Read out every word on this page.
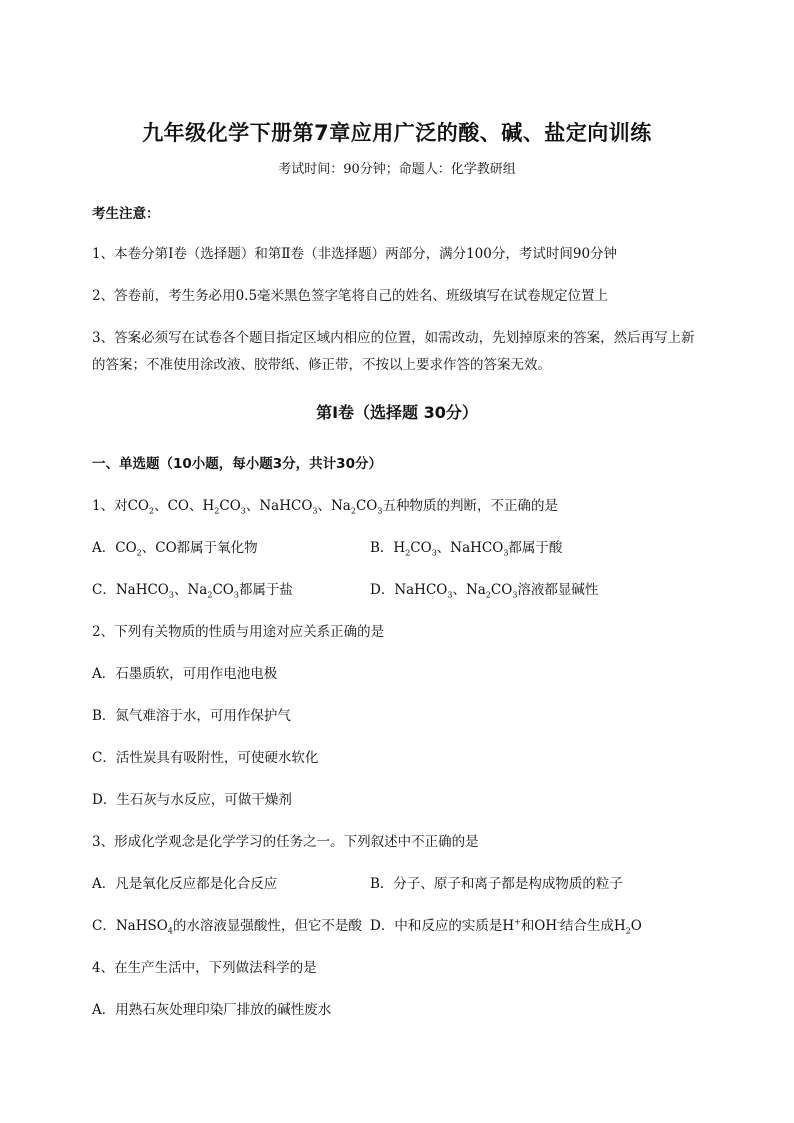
九年级化学下册第7章应用广泛的酸、碱、盐定向训练
考试时间：90分钟；命题人：化学教研组
考生注意：
1、本卷分第I卷（选择题）和第Ⅱ卷（非选择题）两部分，满分100分，考试时间90分钟
2、答卷前，考生务必用0.5毫米黑色签字笔将自己的姓名、班级填写在试卷规定位置上
3、答案必须写在试卷各个题目指定区域内相应的位置，如需改动，先划掉原来的答案，然后再写上新
的答案；不准使用涂改液、胶带纸、修正带，不按以上要求作答的答案无效。
第I卷（选择题 30分）
一、单选题（10小题，每小题3分，共计30分）
1、对$CO_2$、CO、$H_2CO_3$、NaHCO$_3$、$Na_2CO_3$五种物质的判断，不正确的是
A．$CO_2$、CO都属于氧化物	B．$H_2CO_3$、NaHCO$_3$都属于酸
C．NaHCO$_3$、$Na_2CO_3$都属于盐	D．NaHCO$_3$、$Na_2CO_3$溶液都显碱性
2、下列有关物质的性质与用途对应关系正确的是
A．石墨质软，可用作电池电极
B．氮气难溶于水，可用作保护气
C．活性炭具有吸附性，可使硬水软化
D．生石灰与水反应，可做干燥剂
3、形成化学观念是化学学习的任务之一。下列叙述中不正确的是
A．凡是氧化反应都是化合反应	B．分子、原子和离子都是构成物质的粒子
C．NaHSO$_4$的水溶液显强酸性，但它不是酸 D．中和反应的实质是H+和OH-结合生成$H_2O$
4、在生产生活中，下列做法科学的是
A．用熟石灰处理印染厂排放的碱性废水
